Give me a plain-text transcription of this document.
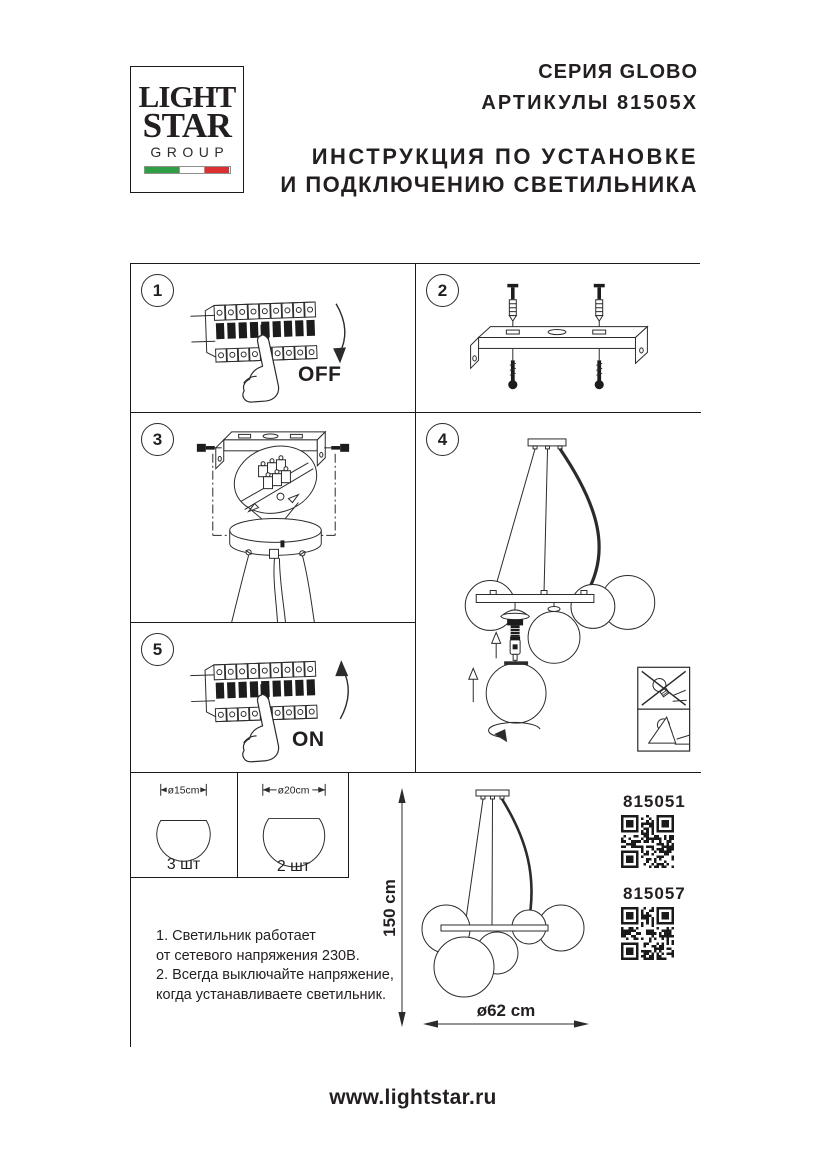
LIGHT
STAR
GROUP
СЕРИЯ GLOBO
АРТИКУЛЫ 81505X
ИНСТРУКЦИЯ ПО УСТАНОВКЕ
И ПОДКЛЮЧЕНИЮ СВЕТИЛЬНИКА
1
OFF
2
3	4
5
ON
ø15cm
3 шт
ø20cm
2 шт
1. Светильник работает
от сетевого напряжения 230В.
2. Всегда выключайте напряжение,
когда устанавливаете светильник.
150 cm
ø62 cm
815051
815057
www.lightstar.ru
